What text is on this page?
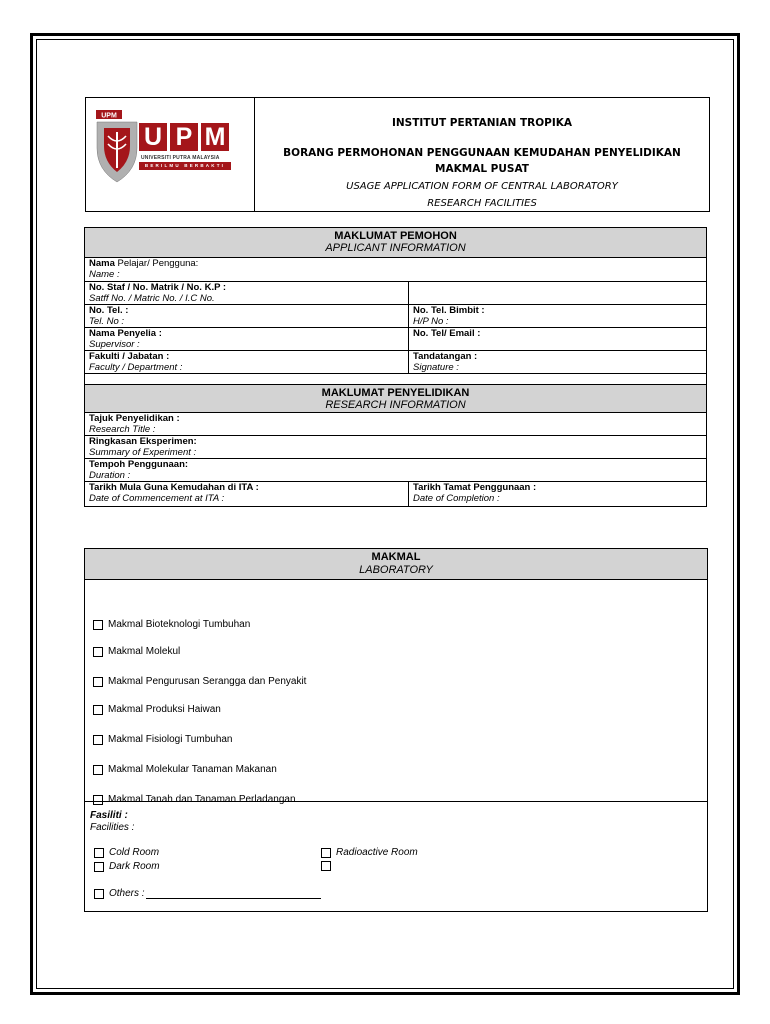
UPM
U P M
UNIVERSITI PUTRA MALAYSIA
BERILMU BERBAKTI
INSTITUT PERTANIAN TROPIKA
BORANG PERMOHONAN PENGGUNAAN KEMUDAHAN PENYELIDIKAN
MAKMAL PUSAT
USAGE APPLICATION FORM OF CENTRAL LABORATORY
RESEARCH FACILITIES
MAKLUMAT PEMOHON
APPLICANT INFORMATION
Nama Pelajar/ Pengguna:
Name :
No. Staf / No. Matrik / No. K.P :
Satff No. / Matric No. / I.C No.
No. Tel. :
Tel. No :
No. Tel. Bimbit :
H/P No :
Nama Penyelia :
Supervisor :
No. Tel/ Email :
Fakulti / Jabatan :
Faculty / Department :
Tandatangan :
Signature :
MAKLUMAT PENYELIDIKAN
RESEARCH INFORMATION
Tajuk Penyelidikan :
Research Title :
Ringkasan Eksperimen:
Summary of Experiment :
Tempoh Penggunaan:
Duration :
Tarikh Mula Guna Kemudahan di ITA :
Date of Commencement at ITA :
Tarikh Tamat Penggunaan :
Date of Completion :
MAKMAL
LABORATORY
Makmal Bioteknologi Tumbuhan
Makmal Molekul
Makmal Pengurusan Serangga dan Penyakit
Makmal Produksi Haiwan
Makmal Fisiologi Tumbuhan
Makmal Molekular Tanaman Makanan
Makmal Tanah dan Tanaman Perladangan
Fasiliti :
Facilities :
Cold Room
Dark Room
Radioactive Room
Others :
